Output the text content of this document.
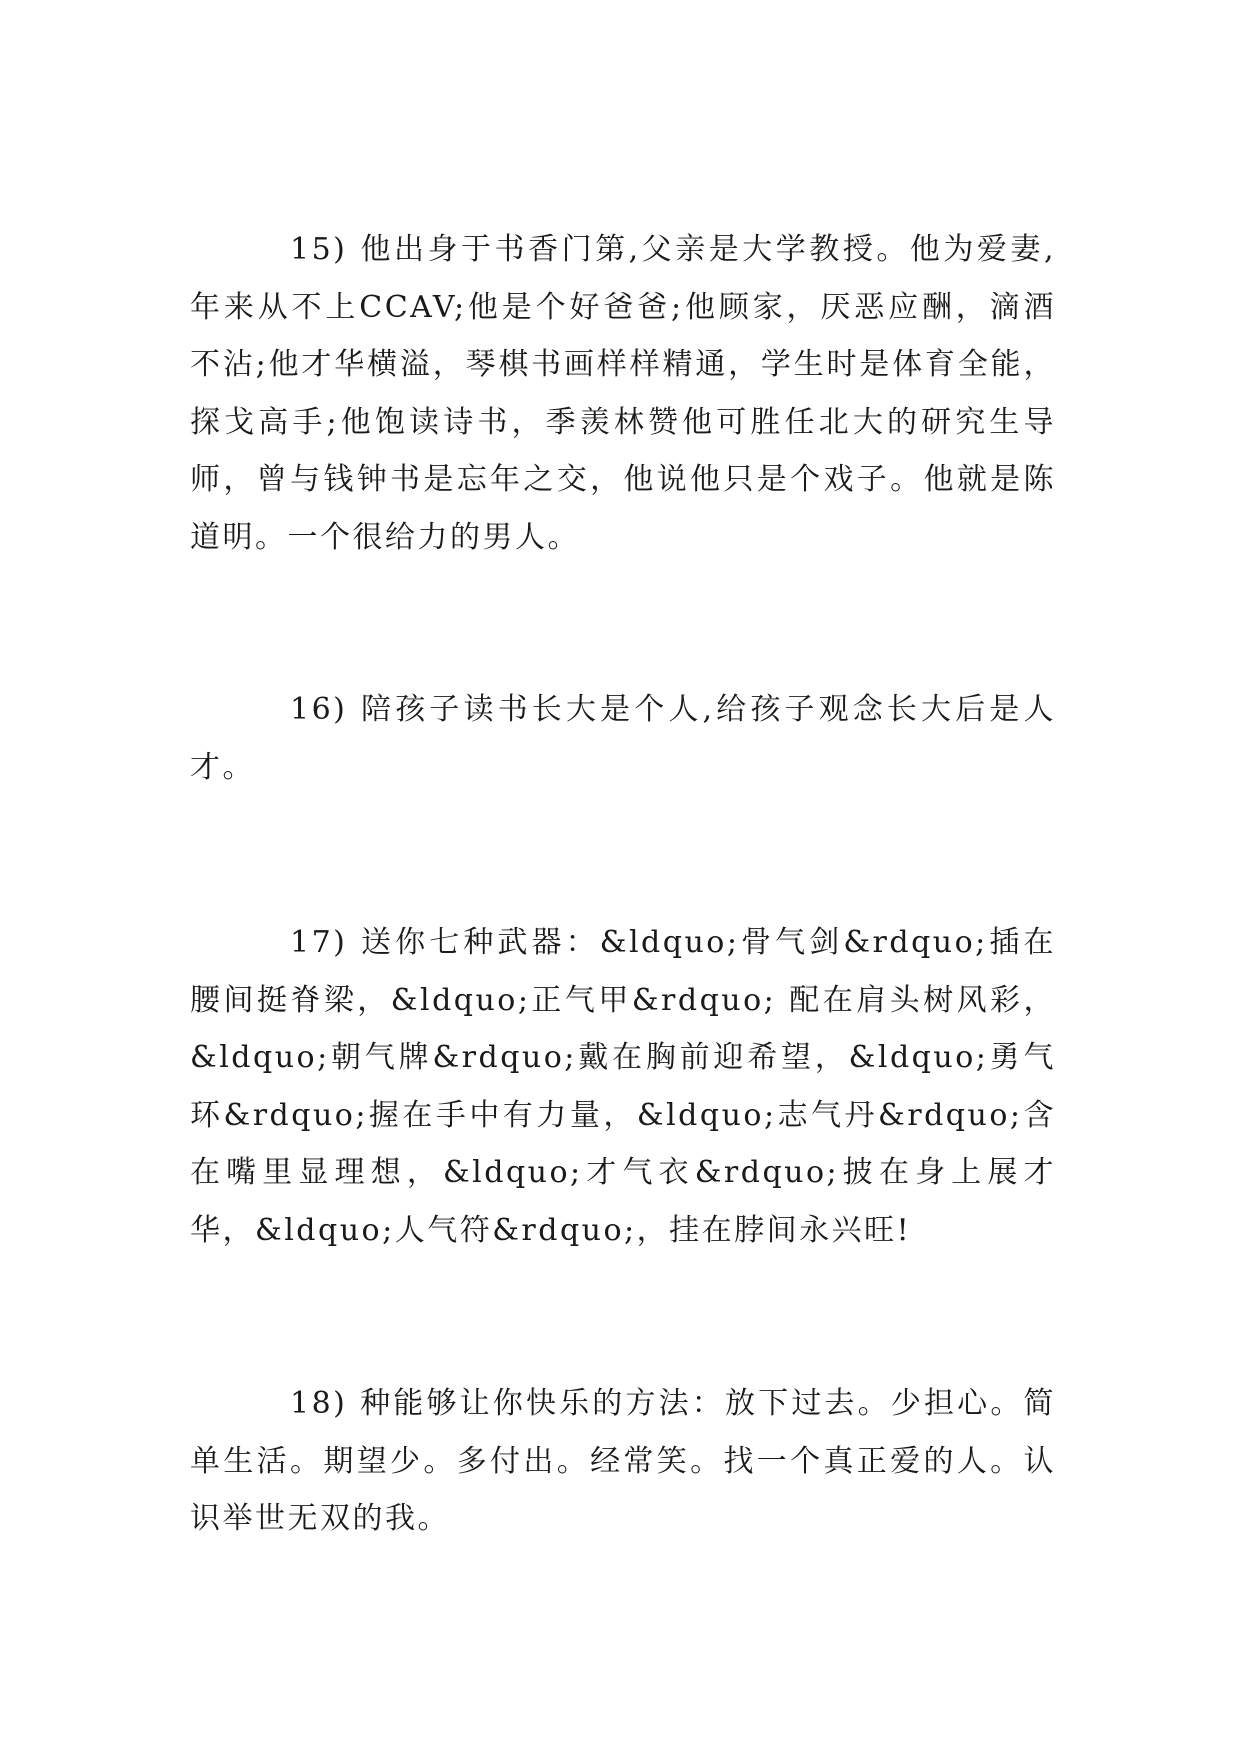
15) 他出身于书香门第,父亲是大学教授。他为爱妻,年来从不上CCAV;他是个好爸爸;他顾家，厌恶应酬，滴酒不沾;他才华横溢，琴棋书画样样精通，学生时是体育全能，探戈高手;他饱读诗书，季羡林赞他可胜任北大的研究生导师，曾与钱钟书是忘年之交，他说他只是个戏子。他就是陈道明。一个很给力的男人。

16) 陪孩子读书长大是个人,给孩子观念长大后是人才。

17) 送你七种武器：&ldquo;骨气剑&rdquo;插在腰间挺脊梁，&ldquo;正气甲&rdquo; 配在肩头树风彩，&ldquo;朝气牌&rdquo;戴在胸前迎希望，&ldquo;勇气环&rdquo;握在手中有力量，&ldquo;志气丹&rdquo;含在嘴里显理想，&ldquo;才气衣&rdquo;披在身上展才华，&ldquo;人气符&rdquo;，挂在脖间永兴旺!

18) 种能够让你快乐的方法：放下过去。少担心。简单生活。期望少。多付出。经常笑。找一个真正爱的人。认识举世无双的我。
